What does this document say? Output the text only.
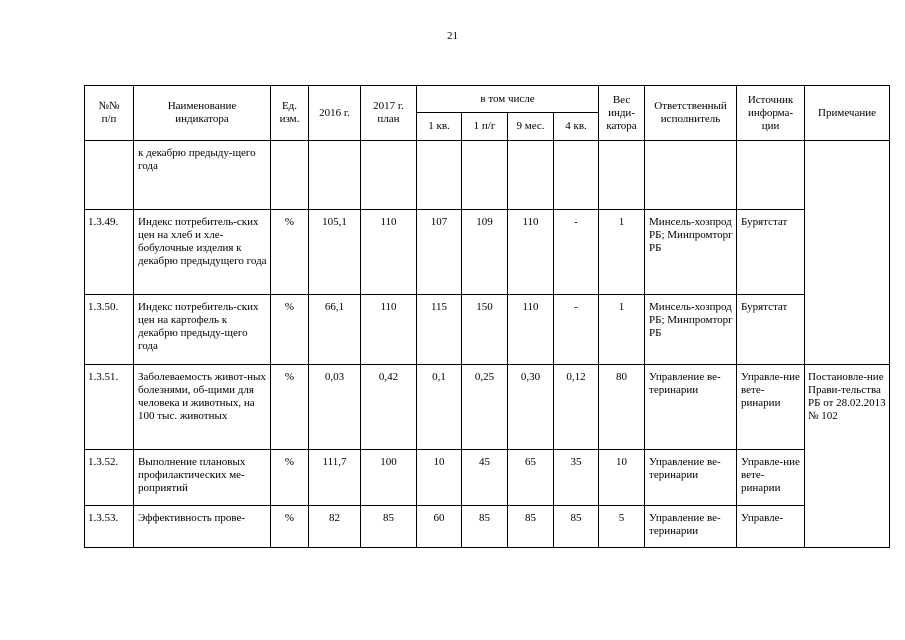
21
№№ п/п	Наименование индикатора	Ед. изм.	2016 г.	2017 г. план	в том числе				Вес инди-катора	Ответственный исполнитель	Источник информа-ции	Примечание
					1 кв.	1 п/г	9 мес.	4 кв.				
	к декабрю предыду-щего года											
1.3.49.	Индекс потребитель-ских цен на хлеб и хле-бобулочные изделия к декабрю предыдущего года	%	105,1	110	107	109	110	-	1	Минсель-хозпрод РБ; Минпромторг РБ	Бурятстат	
1.3.50.	Индекс потребитель-ских цен на картофель к декабрю предыду-щего года	%	66,1	110	115	150	110	-	1	Минсель-хозпрод РБ; Минпромторг РБ	Бурятстат	
1.3.51.	Заболеваемость живот-ных болезнями, об-щими для человека и животных, на 100 тыс. животных	%	0,03	0,42	0,1	0,25	0,30	0,12	80	Управление ве-теринарии	Управле-ние вете-ринарии	Постановле-ние Прави-тельства РБ от 28.02.2013 № 102
1.3.52.	Выполнение плановых профилактических ме-роприятий	%	111,7	100	10	45	65	35	10	Управление ве-теринарии	Управле-ние вете-ринарии	
1.3.53.	Эффективность прове-	%	82	85	60	85	85	85	5	Управление ве-теринарии	Управле-	
